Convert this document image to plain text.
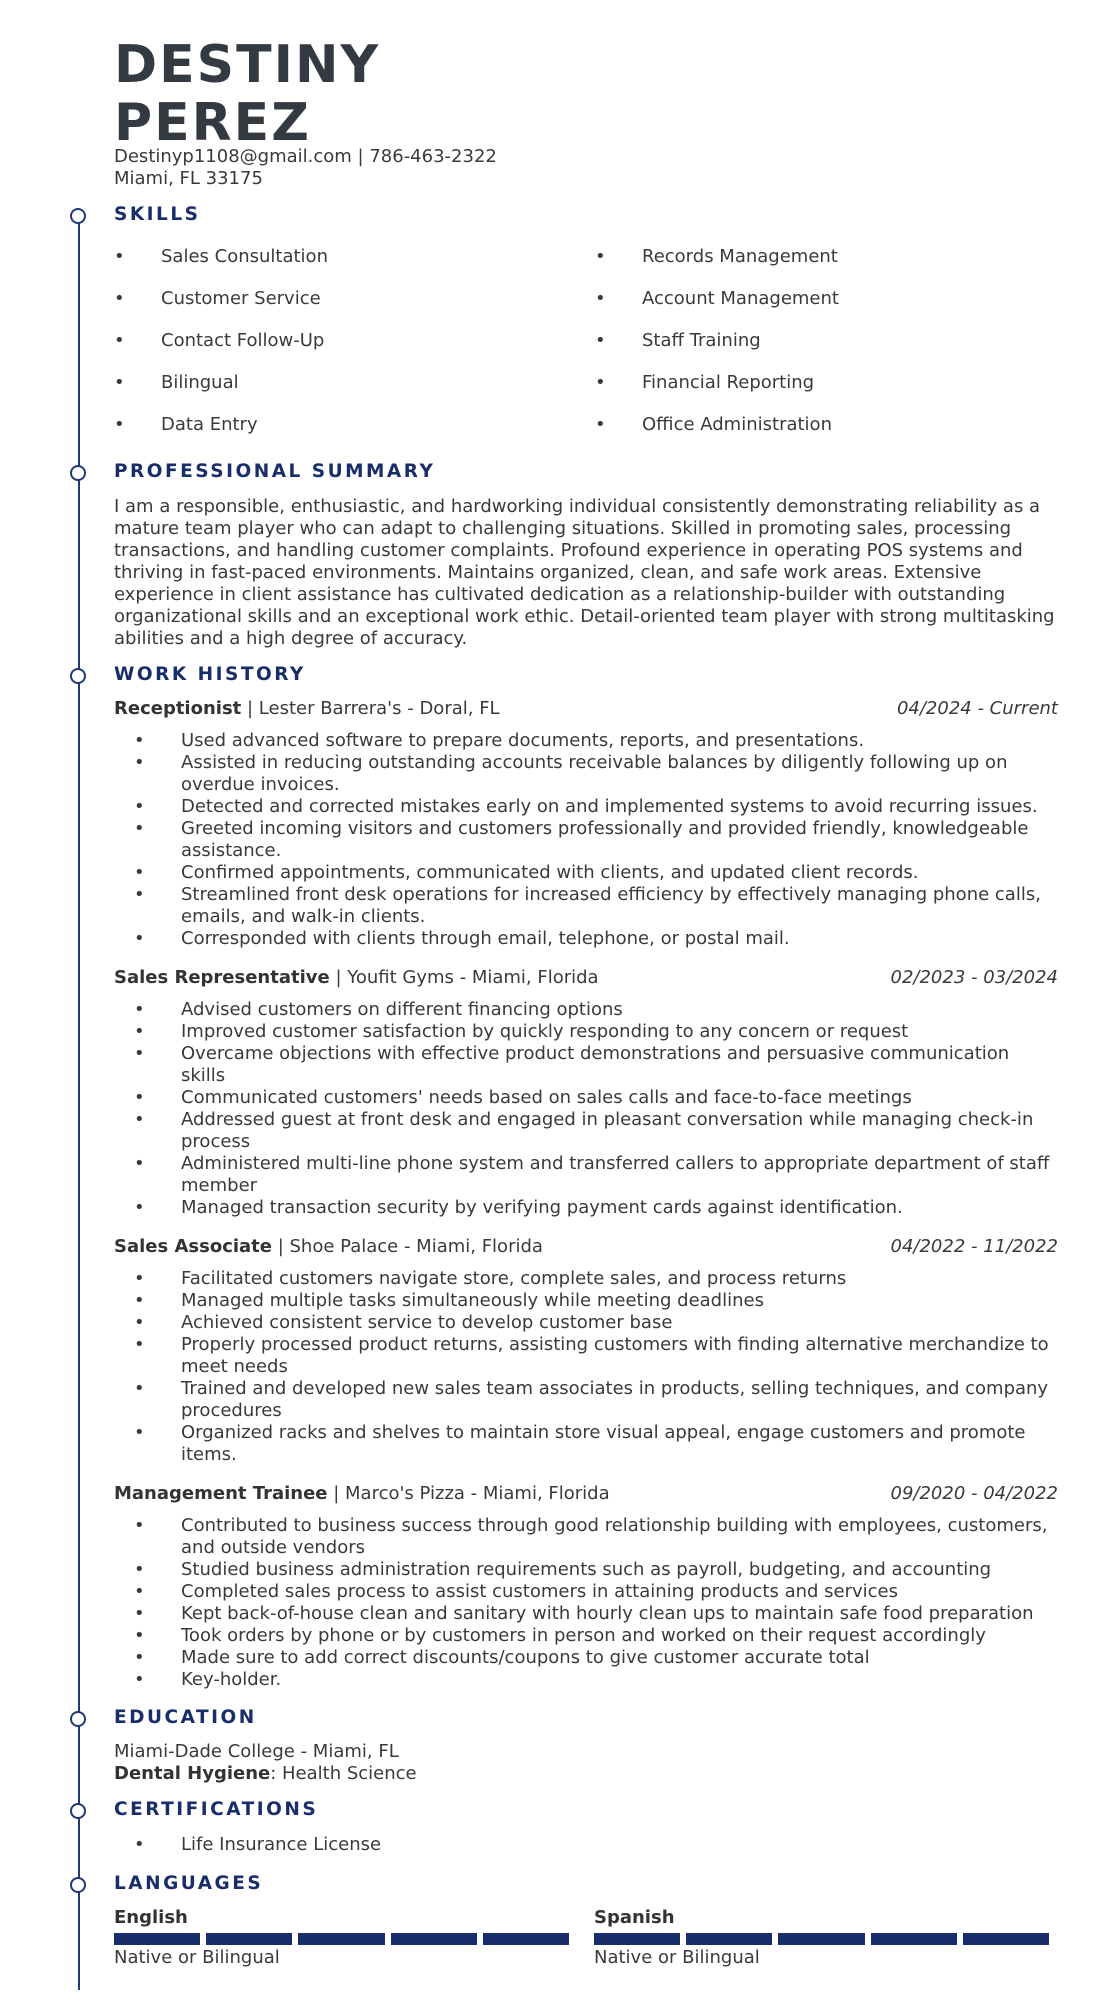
DESTINY
PEREZ
Destinyp1108@gmail.com | 786-463-2322
Miami, FL 33175
SKILLS
• Sales Consultation
• Customer Service
• Contact Follow-Up
• Bilingual
• Data Entry
• Records Management
• Account Management
• Staff Training
• Financial Reporting
• Office Administration
PROFESSIONAL SUMMARY
I am a responsible, enthusiastic, and hardworking individual consistently demonstrating reliability as a mature team player who can adapt to challenging situations. Skilled in promoting sales, processing transactions, and handling customer complaints. Profound experience in operating POS systems and thriving in fast-paced environments. Maintains organized, clean, and safe work areas. Extensive experience in client assistance has cultivated dedication as a relationship-builder with outstanding organizational skills and an exceptional work ethic. Detail-oriented team player with strong multitasking abilities and a high degree of accuracy.
WORK HISTORY
Receptionist | Lester Barrera's - Doral, FL	04/2024 - Current
• Used advanced software to prepare documents, reports, and presentations.
• Assisted in reducing outstanding accounts receivable balances by diligently following up on overdue invoices.
• Detected and corrected mistakes early on and implemented systems to avoid recurring issues.
• Greeted incoming visitors and customers professionally and provided friendly, knowledgeable assistance.
• Confirmed appointments, communicated with clients, and updated client records.
• Streamlined front desk operations for increased efficiency by effectively managing phone calls, emails, and walk-in clients.
• Corresponded with clients through email, telephone, or postal mail.
Sales Representative | Youfit Gyms - Miami, Florida	02/2023 - 03/2024
• Advised customers on different financing options
• Improved customer satisfaction by quickly responding to any concern or request
• Overcame objections with effective product demonstrations and persuasive communication skills
• Communicated customers' needs based on sales calls and face-to-face meetings
• Addressed guest at front desk and engaged in pleasant conversation while managing check-in process
• Administered multi-line phone system and transferred callers to appropriate department of staff member
• Managed transaction security by verifying payment cards against identification.
Sales Associate | Shoe Palace - Miami, Florida	04/2022 - 11/2022
• Facilitated customers navigate store, complete sales, and process returns
• Managed multiple tasks simultaneously while meeting deadlines
• Achieved consistent service to develop customer base
• Properly processed product returns, assisting customers with finding alternative merchandize to meet needs
• Trained and developed new sales team associates in products, selling techniques, and company procedures
• Organized racks and shelves to maintain store visual appeal, engage customers and promote items.
Management Trainee | Marco's Pizza - Miami, Florida	09/2020 - 04/2022
• Contributed to business success through good relationship building with employees, customers, and outside vendors
• Studied business administration requirements such as payroll, budgeting, and accounting
• Completed sales process to assist customers in attaining products and services
• Kept back-of-house clean and sanitary with hourly clean ups to maintain safe food preparation
• Took orders by phone or by customers in person and worked on their request accordingly
• Made sure to add correct discounts/coupons to give customer accurate total
• Key-holder.
EDUCATION
Miami-Dade College - Miami, FL
Dental Hygiene: Health Science
CERTIFICATIONS
• Life Insurance License
LANGUAGES
English
Native or Bilingual
Spanish
Native or Bilingual
